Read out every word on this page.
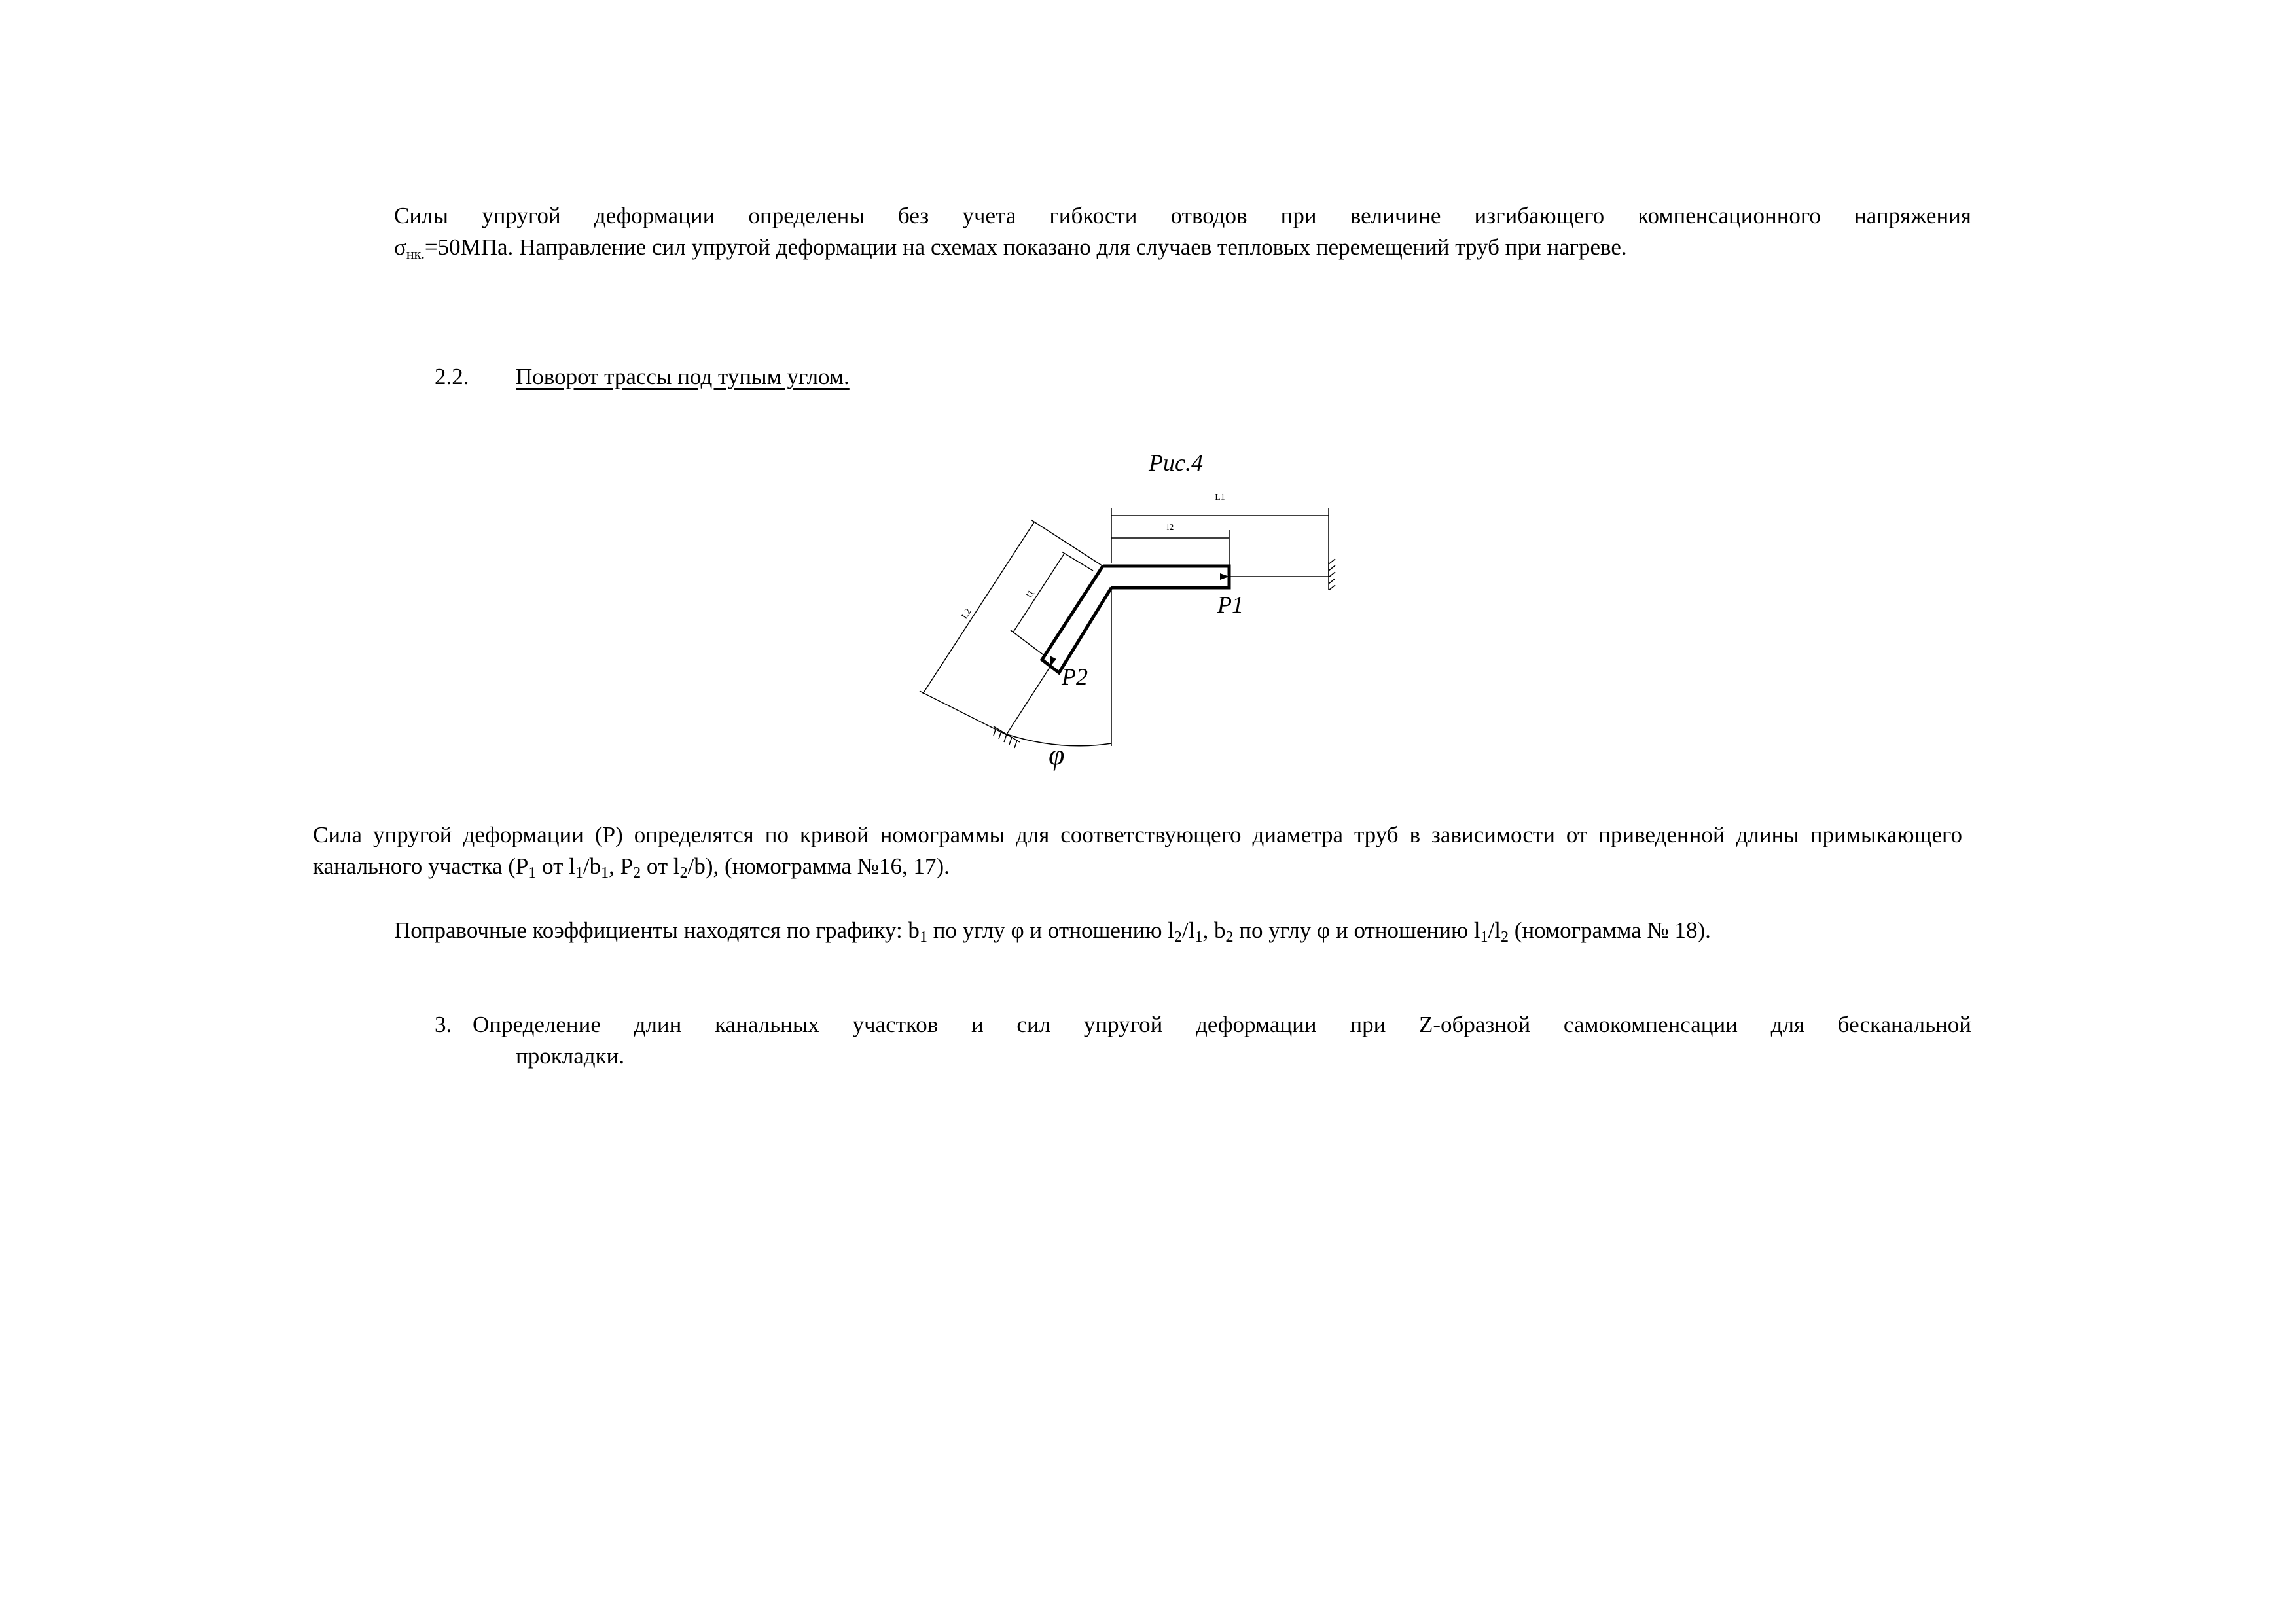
Силы упругой деформации определены без учета гибкости отводов при величине изгибающего компенсационного напряжения
σнк.=50МПа. Направление сил упругой деформации на схемах показано для случаев тепловых перемещений труб при нагреве.
2.2. Поворот трассы под тупым углом.
Рис.4
L1
l2
L2
l1	P1
P2
φ
Сила упругой деформации (Р) определятся по кривой номограммы для соответствующего диаметра труб в зависимости от приведенной длины примыкающего канального участка ($Р_1$ от $l_1/b_1$, $Р_2$ от $l_2/b$), (номограмма №16, 17).
Поправочные коэффициенты находятся по графику: $b_1$ по углу φ и отношению $l_2/l_1$, $b_2$ по углу φ и отношению $l_1/l_2$ (номограмма № 18).
3. Определение длин канальных участков и сил упругой деформации при Z-образной самокомпенсации для бесканальной
прокладки.
